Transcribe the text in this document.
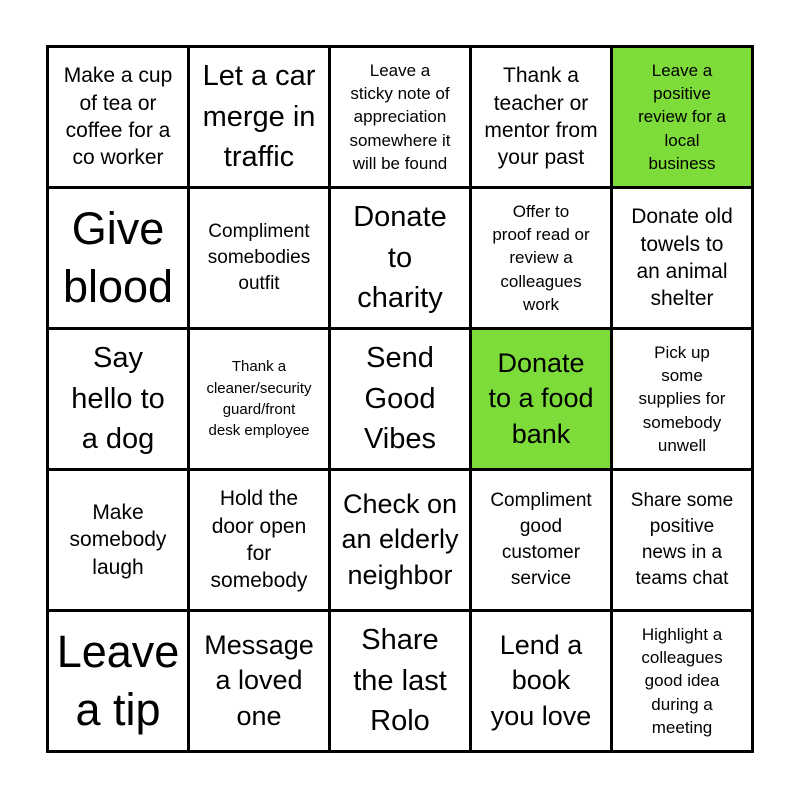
Make a cup
of tea or
coffee for a
co worker
Let a car
merge in
traffic
Leave a
sticky note of
appreciation
somewhere it
will be found
Thank a
teacher or
mentor from
your past
Leave a
positive
review for a
local
business
Give
blood
Compliment
somebodies
outfit
Donate
to
charity
Offer to
proof read or
review a
colleagues
work
Donate old
towels to
an animal
shelter
Say
hello to
a dog
Thank a
cleaner/security
guard/front
desk employee
Send
Good
Vibes
Donate
to a food
bank
Pick up
some
supplies for
somebody
unwell
Make
somebody
laugh
Hold the
door open
for
somebody
Check on
an elderly
neighbor
Compliment
good
customer
service
Share some
positive
news in a
teams chat
Leave
a tip
Message
a loved
one
Share
the last
Rolo
Lend a
book
you love
Highlight a
colleagues
good idea
during a
meeting
